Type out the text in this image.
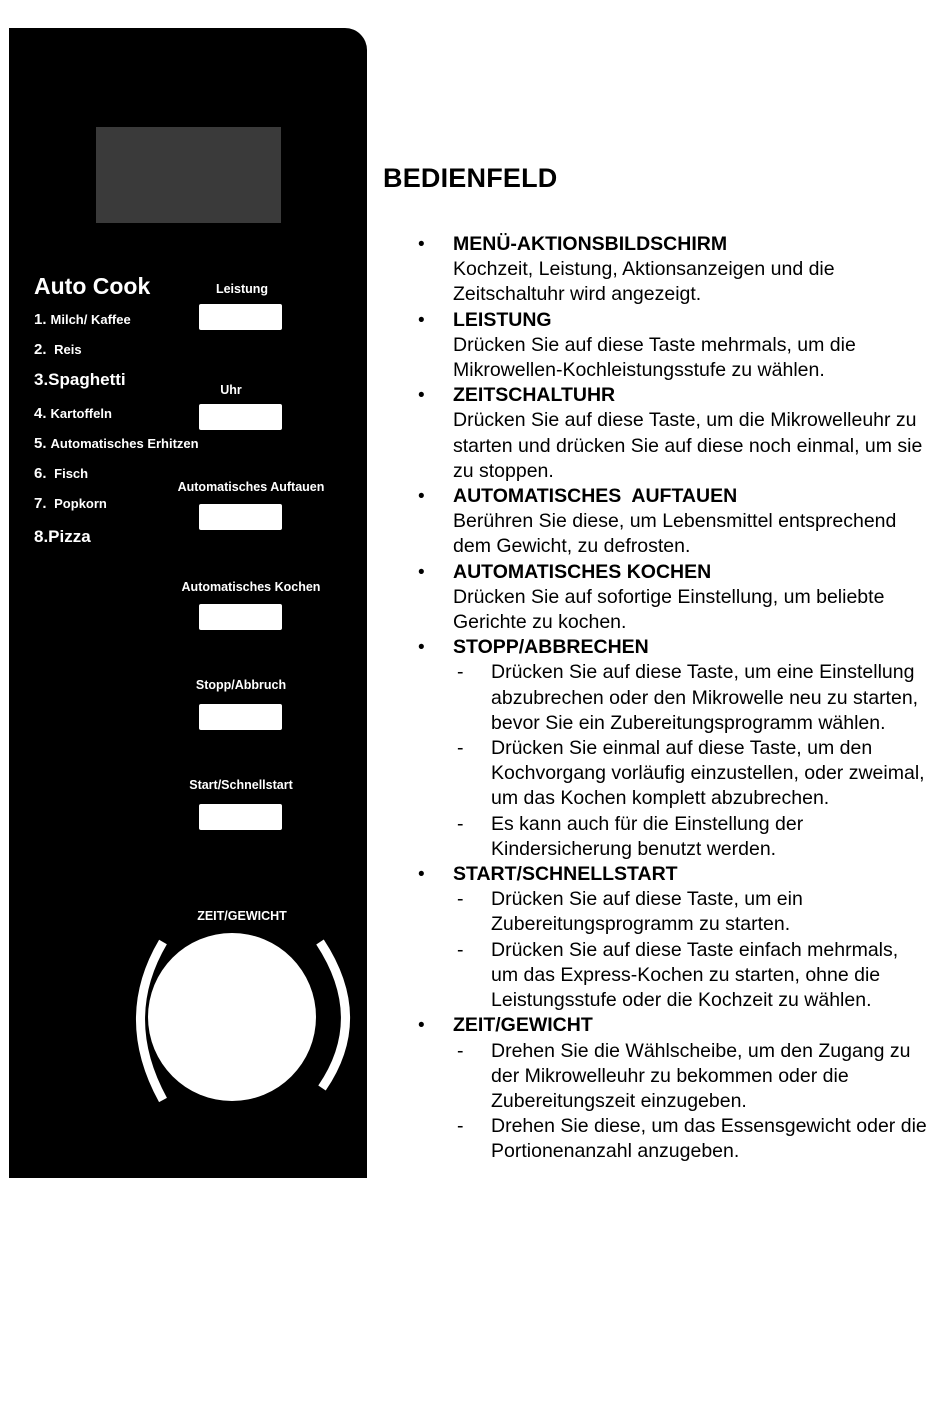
Auto Cook
1. Milch/ Kaffee
2. Reis
3.Spaghetti
4. Kartoffeln
5. Automatisches Erhitzen
6. Fisch
7. Popkorn
8.Pizza
Leistung
Uhr
Automatisches Auftauen
Automatisches Kochen
Stopp/Abbruch
Start/Schnellstart
ZEIT/GEWICHT
BEDIENFELD
• MENÜ-AKTIONSBILDSCHIRM
Kochzeit, Leistung, Aktionsanzeigen und die Zeitschaltuhr wird angezeigt.
• LEISTUNG
Drücken Sie auf diese Taste mehrmals, um die Mikrowellen-Kochleistungsstufe zu wählen.
• ZEITSCHALTUHR
Drücken Sie auf diese Taste, um die Mikrowelleuhr zu starten und drücken Sie auf diese noch einmal, um sie zu stoppen.
• AUTOMATISCHES  AUFTAUEN
Berühren Sie diese, um Lebensmittel entsprechend dem Gewicht, zu defrosten.
• AUTOMATISCHES KOCHEN
Drücken Sie auf sofortige Einstellung, um beliebte Gerichte zu kochen.
• STOPP/ABBRECHEN
- Drücken Sie auf diese Taste, um eine Einstellung abzubrechen oder den Mikrowelle neu zu starten, bevor Sie ein Zubereitungsprogramm wählen.
- Drücken Sie einmal auf diese Taste, um den Kochvorgang vorläufig einzustellen, oder zweimal, um das Kochen komplett abzubrechen.
- Es kann auch für die Einstellung der Kindersicherung benutzt werden.
• START/SCHNELLSTART
- Drücken Sie auf diese Taste, um ein Zubereitungsprogramm zu starten.
- Drücken Sie auf diese Taste einfach mehrmals, um das Express-Kochen zu starten, ohne die Leistungsstufe oder die Kochzeit zu wählen.
• ZEIT/GEWICHT
- Drehen Sie die Wählscheibe, um den Zugang zu der Mikrowelleuhr zu bekommen oder die Zubereitungszeit einzugeben.
- Drehen Sie diese, um das Essensgewicht oder die Portionenanzahl anzugeben.
